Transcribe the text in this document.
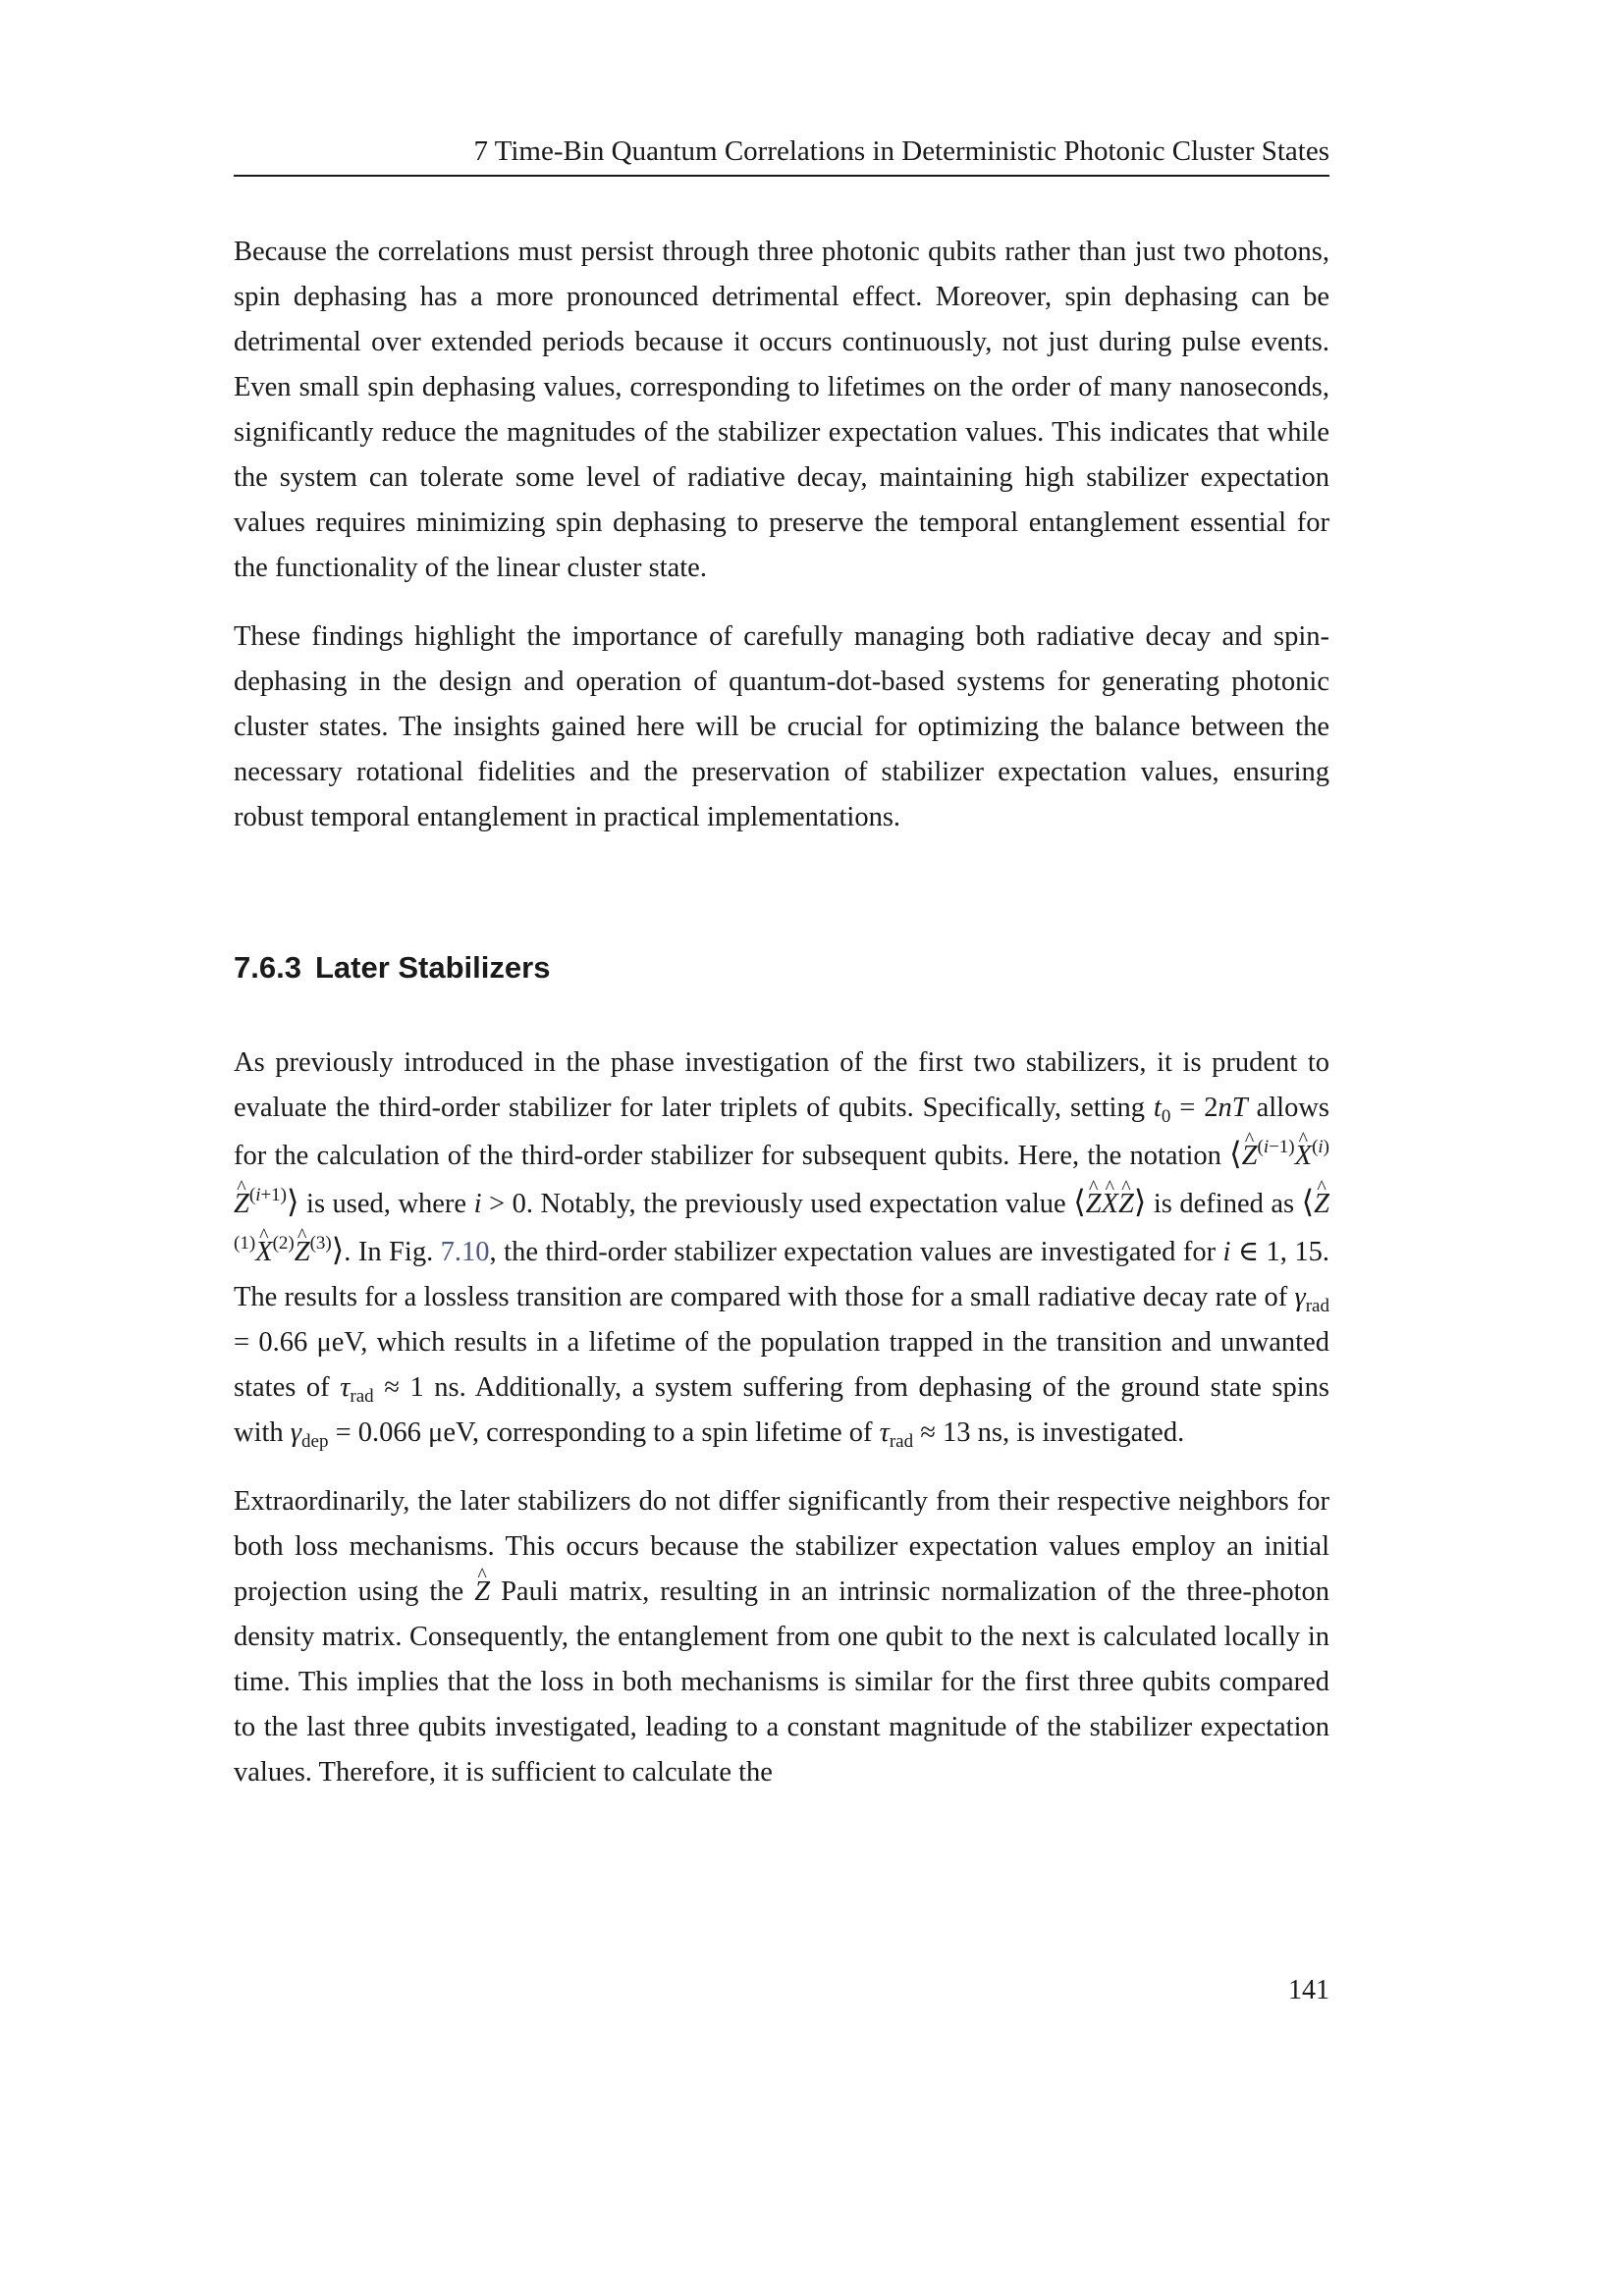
7 Time-Bin Quantum Correlations in Deterministic Photonic Cluster States

Because the correlations must persist through three photonic qubits rather than just two photons, spin dephasing has a more pronounced detrimental effect. Moreover, spin dephasing can be detrimental over extended periods because it occurs continuously, not just during pulse events. Even small spin dephasing values, corresponding to lifetimes on the order of many nanoseconds, significantly reduce the magnitudes of the stabilizer expectation values. This indicates that while the system can tolerate some level of radiative decay, maintaining high stabilizer expectation values requires minimizing spin dephasing to preserve the temporal entanglement essential for the functionality of the linear cluster state.

These findings highlight the importance of carefully managing both radiative decay and spin-dephasing in the design and operation of quantum-dot-based systems for generating photonic cluster states. The insights gained here will be crucial for optimizing the balance between the necessary rotational fidelities and the preservation of stabilizer expectation values, ensuring robust temporal entanglement in practical implementations.

7.6.3 Later Stabilizers

As previously introduced in the phase investigation of the first two stabilizers, it is prudent to evaluate the third-order stabilizer for later triplets of qubits. Specifically, setting $t_0 = 2nT$ allows for the calculation of the third-order stabilizer for subsequent qubits. Here, the notation ⟨^ $Z^{(i-1)}\^{}$ $X^{(i)}\^{}$ $Z^{(i+1)}⟩$ is used, where i > 0. Notably, the previously used expectation value ⟨^ Z^ X^ Z⟩ is defined as ⟨^ $Z^{(1)}\^{}$ $X^{(2)}\^{}$ $Z^{(3)}⟩$. In Fig. 7.10, the third-order stabilizer expectation values are investigated for i ∈ 1, 15. The results for a lossless transition are compared with those for a small radiative decay rate of $\gamma_{rad} = 0.66$ μeV, which results in a lifetime of the population trapped in the transition and unwanted states of $\tau_{rad} \approx 1$ ns. Additionally, a system suffering from dephasing of the ground state spins with $\gamma_{dep} = 0.066$ μeV, corresponding to a spin lifetime of $\tau_{rad} \approx 13$ ns, is investigated.

Extraordinarily, the later stabilizers do not differ significantly from their respective neighbors for both loss mechanisms. This occurs because the stabilizer expectation values employ an initial projection using the ^ Z Pauli matrix, resulting in an intrinsic normalization of the three-photon density matrix. Consequently, the entanglement from one qubit to the next is calculated locally in time. This implies that the loss in both mechanisms is similar for the first three qubits compared to the last three qubits investigated, leading to a constant magnitude of the stabilizer expectation values. Therefore, it is sufficient to calculate the

141
